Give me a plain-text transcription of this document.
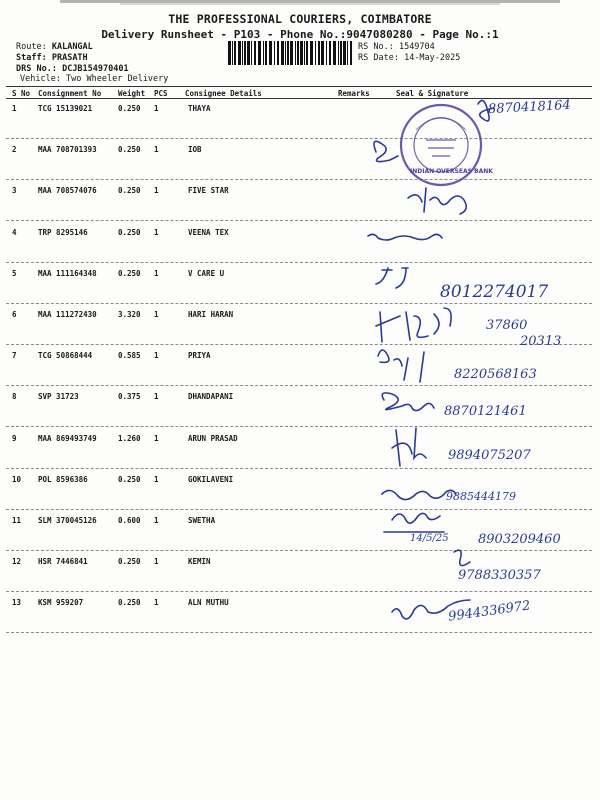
THE PROFESSIONAL COURIERS, COIMBATORE
Delivery Runsheet - P103 - Phone No.:9047080280 - Page No.:1
Route: KALANGAL
Staff: PRASATH
DRS No.: DCJB154970401
RS No.: 1549704
RS Date: 14-May-2025
Vehicle: Two Wheeler Delivery
S No Consignment No Weight PCS Consignee Details	Remarks	Seal & Signature
1	TCG 15139021	0.250 1	THAYA
2	MAA 708701393	0.250 1	IOB
3	MAA 708574076	0.250 1	FIVE STAR
4	TRP 8295146	0.250 1	VEENA TEX
5	MAA 111164348	0.250 1	V CARE U
6	MAA 111272430	3.320 1	HARI HARAN
7	TCG 50868444	0.585 1	PRIYA
8	SVP 31723	0.375 1	DHANDAPANI
9	MAA 869493749	1.260 1	ARUN PRASAD
10 POL 8596386	0.250 1	GOKILAVENI
11 SLM 370045126	0.600 1	SWETHA
12 HSR 7446841	0.250 1	KEMIN
13 KSM 959207	0.250 1	ALN MUTHU
INDIAN OVERSEAS BANK
8870418164
8012274017
37860
20313
8220568163
8870121461
9894075207
9885444179
14/5/25 8903209460
9788330357
9944336972
